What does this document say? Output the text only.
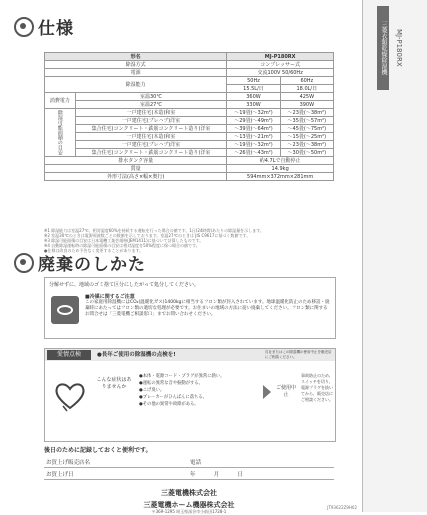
三菱衣類乾燥除湿機 MJ-P180RX
仕様
形名		MJ-P180RX	
除湿方式		コンプレッサー式	
電源		交流100V 50/60Hz	
除湿能力		50Hz	60Hz
		15.5L/日	18.0L/日
消費電力	室温30℃	360W	425W
	室温27℃	330W	390W
除湿可能面積の目安	一戸建住宅(木造)和室	〜19畳(〜32m²)	〜23畳(〜38m²)
	一戸建住宅(プレハブ)洋室	〜29畳(〜49m²)	〜35畳(〜57m²)
	集合住宅(コンクリート・鉄筋コンクリート造り)洋室	〜39畳(〜64m²)	〜45畳(〜75m²)
	一戸建住宅(木造)和室	〜13畳(〜21m²)	〜15畳(〜25m²)
	一戸建住宅(プレハブ)洋室	〜19畳(〜32m²)	〜23畳(〜38m²)
	集合住宅(コンクリート・鉄筋コンクリート造り)洋室	〜26畳(〜43m²)	〜30畳(〜50m²)
排水タンク容量		約4.7Lで自動停止	
質量		14.9kg	
外形寸法(高さ×幅×奥行)		594mm×372mm×281mm	
※1 除湿能力は室温27℃、相対湿度60%を持続する運転を行った場合の値です。1日(24時間)あたりの除湿量を示します。
※2 室温30℃のときは電源周波数ごとの数値を示しております。室温27℃のときは JIS C9617に基づく数値です。
※3 除湿可能面積の目安は日本電機工業会規格(JEM1411)に基づいて計算したものです。
※4 自動除湿運転時の除湿可能面積の目安は相対湿度を50%程度に保つ場合の値です。
●仕様は改良のため予告なく変更することがあります。
廃棄のしかた
分解せずに、地域のゴミ捨て区分にしたがって処分してください。
■冷媒に関するご注意
この家庭用除湿機にはCO₂(温暖化ガス)1400kgに相当するフロン類が封入されています。地球温暖化防止のため移設・廃棄時にあたってはフロン類の適切な処理が必要です。お住まいの地域の方法に従い廃棄してください。フロン類に関するお問合せは「三菱電機ご相談窓口」までお問い合わせください。
愛情点検	●長年ご使用の除湿機の点検を!	自社またはこの除湿機の使用中止を販売店にご相談ください。
こんな症状はありませんか
●本体・電源コード・プラグが異常に熱い。
●運転の異常な音や振動がする。
●こげ臭い。
●ブレーカーがひんぱんに落ちる。
●その他の異常や故障がある。
ご使用中止
事故防止のため、スイッチを切り、電源プラグを抜いてから、販売店にご相談ください。
後日のために記録しておくと便利です。
お買上げ販売店名	電話
お買上げ日	年　　　 月　　　 日
三菱電機株式会社
三菱電機ホーム機器株式会社
〒369-1295 埼玉県深谷市小前田1728-1
JT93622Z9H02
